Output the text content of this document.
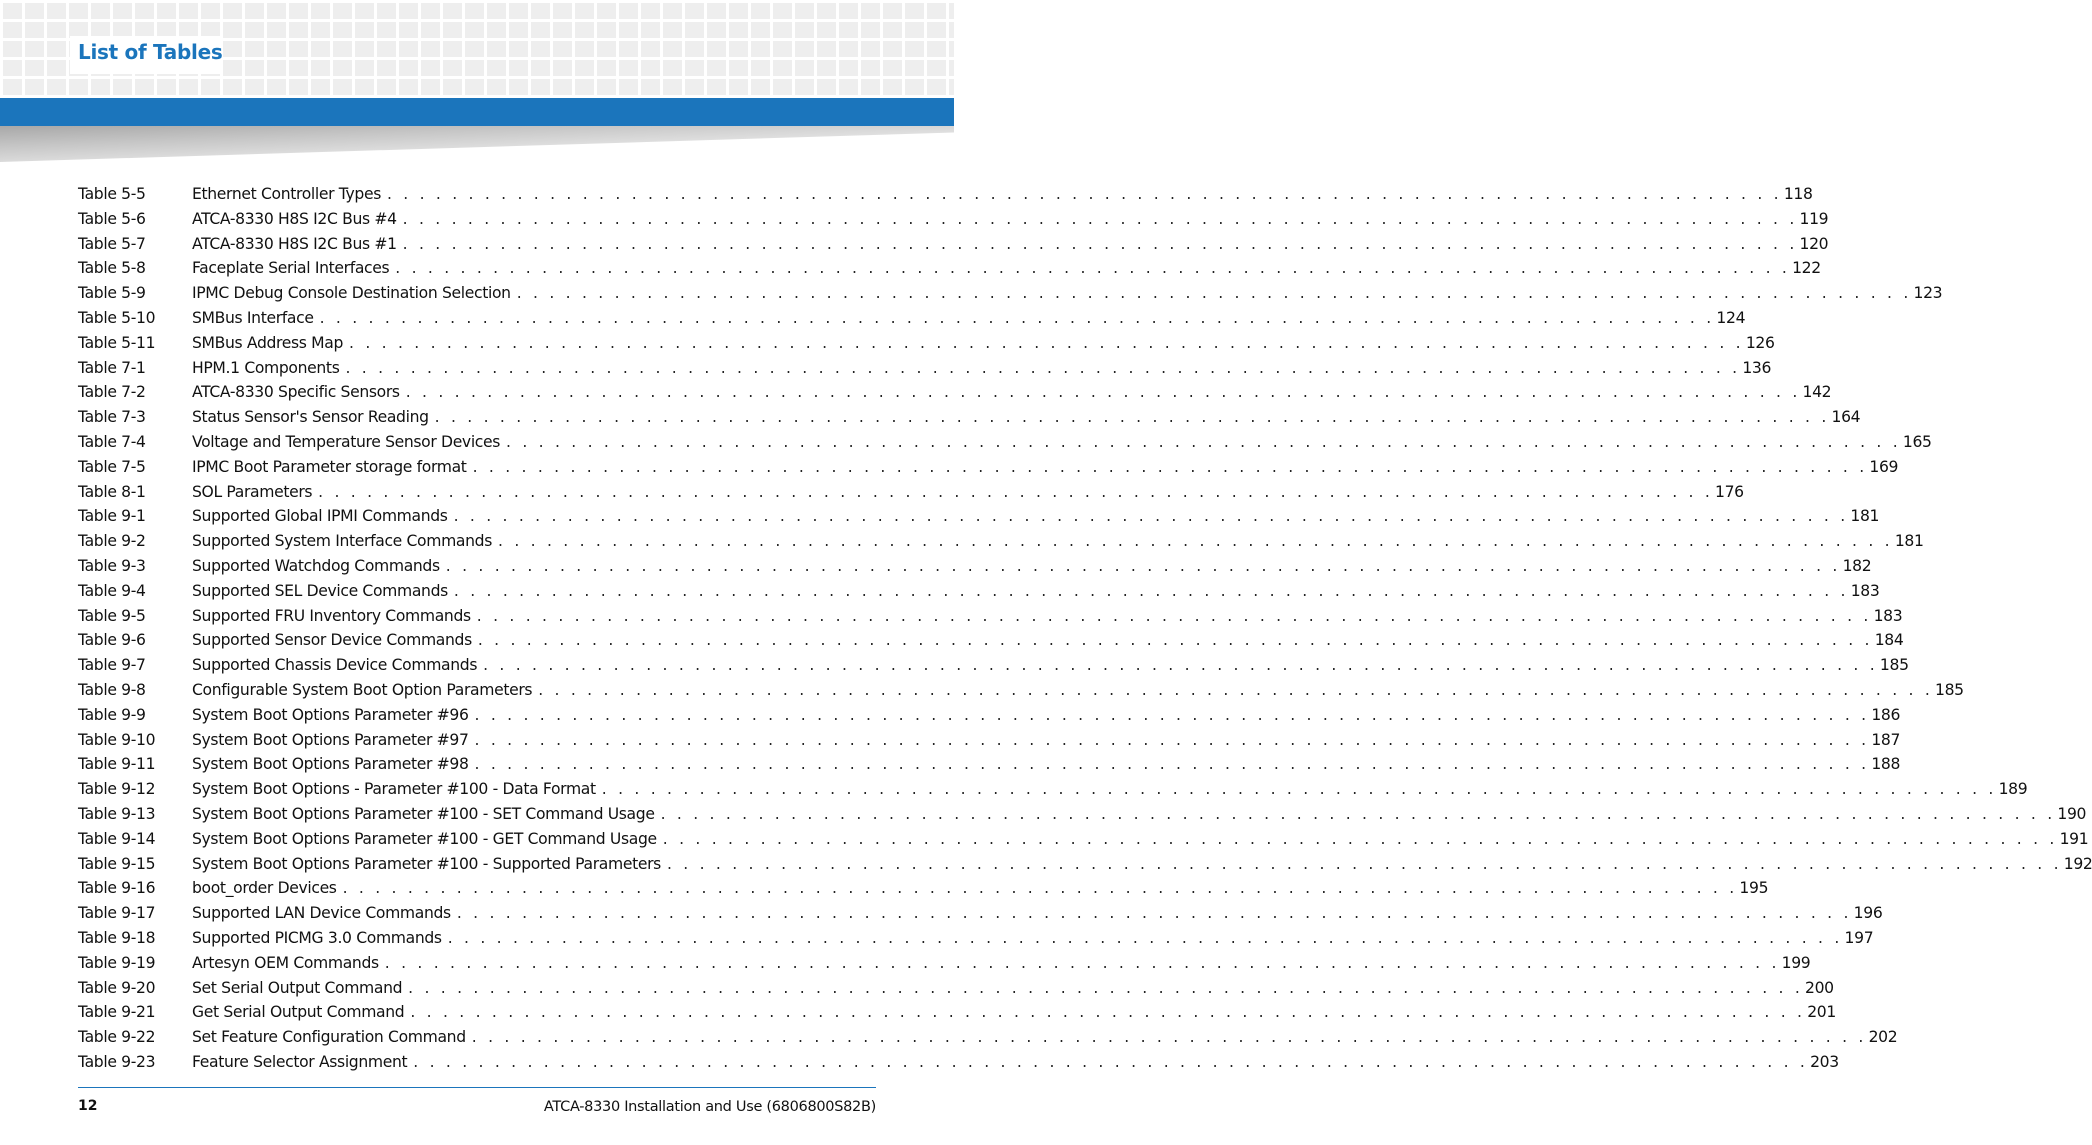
List of Tables
Table 5-5	Ethernet Controller Types . . . . . . . . . . . . . . . . . . . . . . . . . . . . . . . . . . . . . . . . . . . . . . . . . . . . . . . . . . . . . . . . . . . . . . . . . . . . . . . . . . . . . . 118
Table 5-6	ATCA-8330 H8S I2C Bus #4 . . . . . . . . . . . . . . . . . . . . . . . . . . . . . . . . . . . . . . . . . . . . . . . . . . . . . . . . . . . . . . . . . . . . . . . . . . . . . . . . . . . . . . 119
Table 5-7	ATCA-8330 H8S I2C Bus #1 . . . . . . . . . . . . . . . . . . . . . . . . . . . . . . . . . . . . . . . . . . . . . . . . . . . . . . . . . . . . . . . . . . . . . . . . . . . . . . . . . . . . . . 120
Table 5-8	Faceplate Serial Interfaces . . . . . . . . . . . . . . . . . . . . . . . . . . . . . . . . . . . . . . . . . . . . . . . . . . . . . . . . . . . . . . . . . . . . . . . . . . . . . . . . . . . . . . 122
Table 5-9	IPMC Debug Console Destination Selection . . . . . . . . . . . . . . . . . . . . . . . . . . . . . . . . . . . . . . . . . . . . . . . . . . . . . . . . . . . . . . . . . . . . . . . . . . . . . . . . . . . . . . 123
Table 5-10	SMBus Interface . . . . . . . . . . . . . . . . . . . . . . . . . . . . . . . . . . . . . . . . . . . . . . . . . . . . . . . . . . . . . . . . . . . . . . . . . . . . . . . . . . . . . . 124
Table 5-11	SMBus Address Map . . . . . . . . . . . . . . . . . . . . . . . . . . . . . . . . . . . . . . . . . . . . . . . . . . . . . . . . . . . . . . . . . . . . . . . . . . . . . . . . . . . . . . 126
Table 7-1	HPM.1 Components . . . . . . . . . . . . . . . . . . . . . . . . . . . . . . . . . . . . . . . . . . . . . . . . . . . . . . . . . . . . . . . . . . . . . . . . . . . . . . . . . . . . . . 136
Table 7-2	ATCA-8330 Specific Sensors . . . . . . . . . . . . . . . . . . . . . . . . . . . . . . . . . . . . . . . . . . . . . . . . . . . . . . . . . . . . . . . . . . . . . . . . . . . . . . . . . . . . . . 142
Table 7-3	Status Sensor's Sensor Reading . . . . . . . . . . . . . . . . . . . . . . . . . . . . . . . . . . . . . . . . . . . . . . . . . . . . . . . . . . . . . . . . . . . . . . . . . . . . . . . . . . . . . . 164
Table 7-4	Voltage and Temperature Sensor Devices . . . . . . . . . . . . . . . . . . . . . . . . . . . . . . . . . . . . . . . . . . . . . . . . . . . . . . . . . . . . . . . . . . . . . . . . . . . . . . . . . . . . . . 165
Table 7-5	IPMC Boot Parameter storage format . . . . . . . . . . . . . . . . . . . . . . . . . . . . . . . . . . . . . . . . . . . . . . . . . . . . . . . . . . . . . . . . . . . . . . . . . . . . . . . . . . . . . . 169
Table 8-1	SOL Parameters . . . . . . . . . . . . . . . . . . . . . . . . . . . . . . . . . . . . . . . . . . . . . . . . . . . . . . . . . . . . . . . . . . . . . . . . . . . . . . . . . . . . . . 176
Table 9-1	Supported Global IPMI Commands . . . . . . . . . . . . . . . . . . . . . . . . . . . . . . . . . . . . . . . . . . . . . . . . . . . . . . . . . . . . . . . . . . . . . . . . . . . . . . . . . . . . . . 181
Table 9-2	Supported System Interface Commands . . . . . . . . . . . . . . . . . . . . . . . . . . . . . . . . . . . . . . . . . . . . . . . . . . . . . . . . . . . . . . . . . . . . . . . . . . . . . . . . . . . . . . 181
Table 9-3	Supported Watchdog Commands . . . . . . . . . . . . . . . . . . . . . . . . . . . . . . . . . . . . . . . . . . . . . . . . . . . . . . . . . . . . . . . . . . . . . . . . . . . . . . . . . . . . . . 182
Table 9-4	Supported SEL Device Commands . . . . . . . . . . . . . . . . . . . . . . . . . . . . . . . . . . . . . . . . . . . . . . . . . . . . . . . . . . . . . . . . . . . . . . . . . . . . . . . . . . . . . . 183
Table 9-5	Supported FRU Inventory Commands . . . . . . . . . . . . . . . . . . . . . . . . . . . . . . . . . . . . . . . . . . . . . . . . . . . . . . . . . . . . . . . . . . . . . . . . . . . . . . . . . . . . . . 183
Table 9-6	Supported Sensor Device Commands . . . . . . . . . . . . . . . . . . . . . . . . . . . . . . . . . . . . . . . . . . . . . . . . . . . . . . . . . . . . . . . . . . . . . . . . . . . . . . . . . . . . . . 184
Table 9-7	Supported Chassis Device Commands . . . . . . . . . . . . . . . . . . . . . . . . . . . . . . . . . . . . . . . . . . . . . . . . . . . . . . . . . . . . . . . . . . . . . . . . . . . . . . . . . . . . . . 185
Table 9-8	Configurable System Boot Option Parameters . . . . . . . . . . . . . . . . . . . . . . . . . . . . . . . . . . . . . . . . . . . . . . . . . . . . . . . . . . . . . . . . . . . . . . . . . . . . . . . . . . . . . . 185
Table 9-9	System Boot Options Parameter #96 . . . . . . . . . . . . . . . . . . . . . . . . . . . . . . . . . . . . . . . . . . . . . . . . . . . . . . . . . . . . . . . . . . . . . . . . . . . . . . . . . . . . . . 186
Table 9-10	System Boot Options Parameter #97 . . . . . . . . . . . . . . . . . . . . . . . . . . . . . . . . . . . . . . . . . . . . . . . . . . . . . . . . . . . . . . . . . . . . . . . . . . . . . . . . . . . . . . 187
Table 9-11	System Boot Options Parameter #98 . . . . . . . . . . . . . . . . . . . . . . . . . . . . . . . . . . . . . . . . . . . . . . . . . . . . . . . . . . . . . . . . . . . . . . . . . . . . . . . . . . . . . . 188
Table 9-12	System Boot Options - Parameter #100 - Data Format . . . . . . . . . . . . . . . . . . . . . . . . . . . . . . . . . . . . . . . . . . . . . . . . . . . . . . . . . . . . . . . . . . . . . . . . . . . . . . . . . . . . . . 189
Table 9-13	System Boot Options Parameter #100 - SET Command Usage . . . . . . . . . . . . . . . . . . . . . . . . . . . . . . . . . . . . . . . . . . . . . . . . . . . . . . . . . . . . . . . . . . . . . . . . . . . . . . . . . . . . . . 190
Table 9-14	System Boot Options Parameter #100 - GET Command Usage . . . . . . . . . . . . . . . . . . . . . . . . . . . . . . . . . . . . . . . . . . . . . . . . . . . . . . . . . . . . . . . . . . . . . . . . . . . . . . . . . . . . . . 191
Table 9-15	System Boot Options Parameter #100 - Supported Parameters . . . . . . . . . . . . . . . . . . . . . . . . . . . . . . . . . . . . . . . . . . . . . . . . . . . . . . . . . . . . . . . . . . . . . . . . . . . . . . . . . . . . . . 192
Table 9-16	boot_order Devices . . . . . . . . . . . . . . . . . . . . . . . . . . . . . . . . . . . . . . . . . . . . . . . . . . . . . . . . . . . . . . . . . . . . . . . . . . . . . . . . . . . . . . 195
Table 9-17	Supported LAN Device Commands . . . . . . . . . . . . . . . . . . . . . . . . . . . . . . . . . . . . . . . . . . . . . . . . . . . . . . . . . . . . . . . . . . . . . . . . . . . . . . . . . . . . . . 196
Table 9-18	Supported PICMG 3.0 Commands . . . . . . . . . . . . . . . . . . . . . . . . . . . . . . . . . . . . . . . . . . . . . . . . . . . . . . . . . . . . . . . . . . . . . . . . . . . . . . . . . . . . . . 197
Table 9-19	Artesyn OEM Commands . . . . . . . . . . . . . . . . . . . . . . . . . . . . . . . . . . . . . . . . . . . . . . . . . . . . . . . . . . . . . . . . . . . . . . . . . . . . . . . . . . . . . . 199
Table 9-20	Set Serial Output Command . . . . . . . . . . . . . . . . . . . . . . . . . . . . . . . . . . . . . . . . . . . . . . . . . . . . . . . . . . . . . . . . . . . . . . . . . . . . . . . . . . . . . . 200
Table 9-21	Get Serial Output Command . . . . . . . . . . . . . . . . . . . . . . . . . . . . . . . . . . . . . . . . . . . . . . . . . . . . . . . . . . . . . . . . . . . . . . . . . . . . . . . . . . . . . . 201
Table 9-22	Set Feature Configuration Command . . . . . . . . . . . . . . . . . . . . . . . . . . . . . . . . . . . . . . . . . . . . . . . . . . . . . . . . . . . . . . . . . . . . . . . . . . . . . . . . . . . . . . 202
Table 9-23	Feature Selector Assignment . . . . . . . . . . . . . . . . . . . . . . . . . . . . . . . . . . . . . . . . . . . . . . . . . . . . . . . . . . . . . . . . . . . . . . . . . . . . . . . . . . . . . . 203
12	ATCA-8330 Installation and Use (6806800S82B)
